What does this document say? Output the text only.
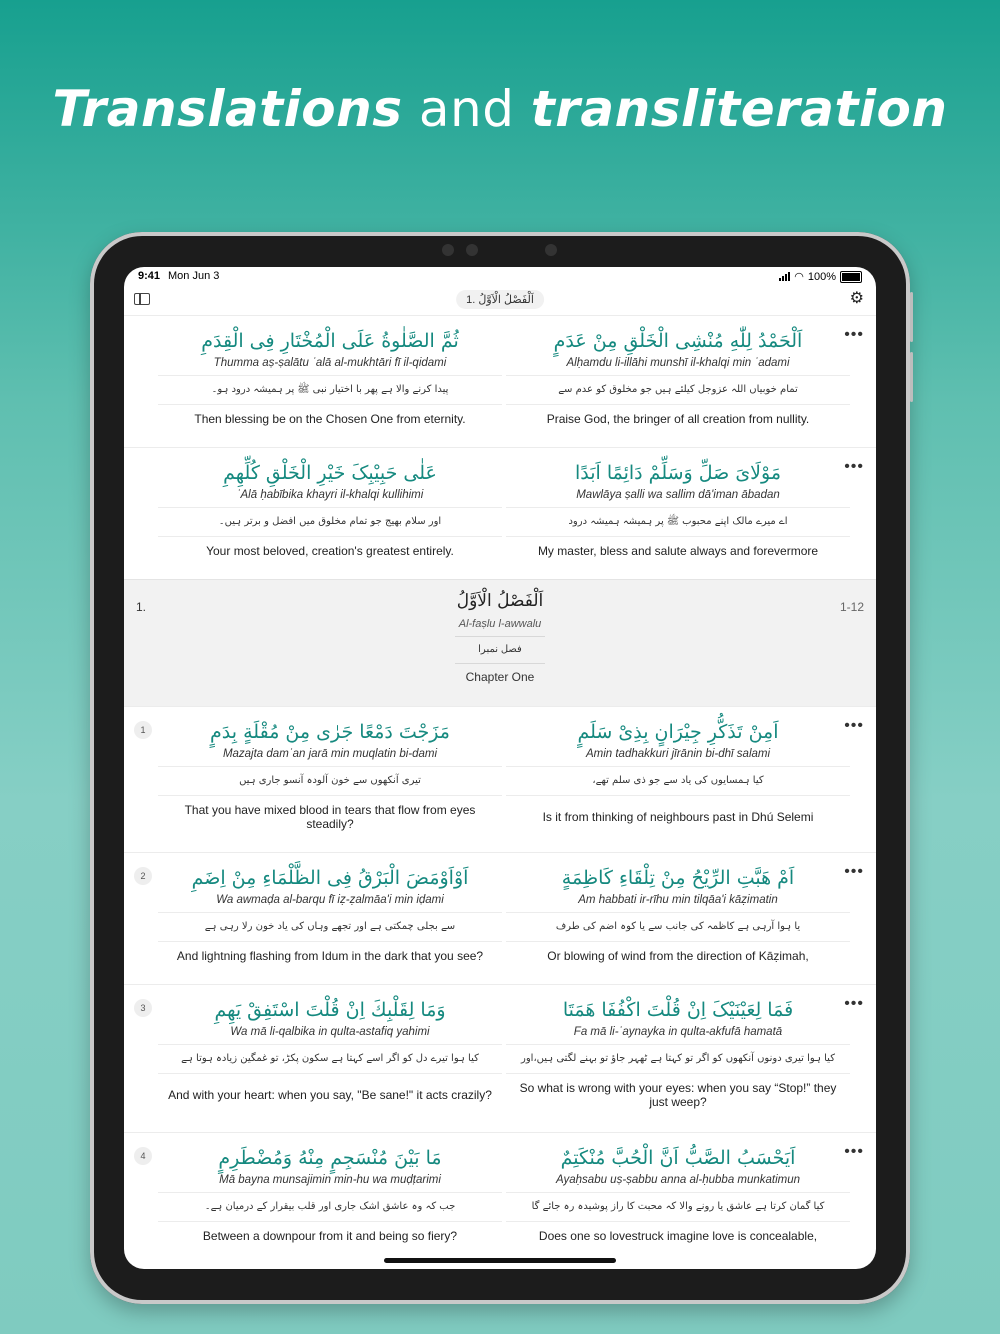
Translations and transliteration
9:41 Mon Jun 3	◠ 100%
1. اَلْفَصْلُ الْاَوَّلُ	⚙
•••
اَلْحَمْدُ لِلّٰهِ مُنْشِی الْخَلْقِ مِنْ عَدَمٍ
Alḥamdu li-illāhi munshī il-khalqi min ʿadami
تمام خوبیاں اللہ عزوجل کیلئے ہیں جو مخلوق کو عدم سے
Praise God, the bringer of all creation from nullity.
ثُمَّ الصَّلٰوةُ عَلَی الْمُخْتَارِ فِی الْقِدَمِ
Thumma aṣ-ṣalātu ʿalā al-mukhtāri fī il-qidami
پیدا کرنے والا ہے پھر با اختیار نبی ﷺ پر ہمیشہ درود ہو۔
Then blessing be on the Chosen One from eternity.
•••
مَوْلَایَ صَلِّ وَسَلِّمْ دَائِمًا اَبَدًا
Mawlāya ṣalli wa sallim dā'iman ābadan
اے میرے مالک اپنے محبوب ﷺ پر ہمیشہ ہمیشہ درود
My master, bless and salute always and forevermore
عَلٰی حَبِیْبِکَ خَیْرِ الْخَلْقِ کُلِّهِمِ
ʿAlā ḥabībika khayri il-khalqi kullihimi
اور سلام بھیج جو تمام مخلوق میں افضل و برتر ہیں۔
Your most beloved, creation's greatest entirely.
1.	1-12
اَلْفَصْلُ الْاَوَّلُ
Al-faṣlu l-awwalu
فصل نمبرا
Chapter One
1	•••
اَمِنْ تَذَکُّرِ جِیْرَانٍ بِذِیْ سَلَمٍ
Amin tadhakkuri jīrānin bi-dhī salami
کیا ہمسایوں کی یاد سے جو ذی سلم تھے،
Is it from thinking of neighbours past in Dhú Selemi
مَزَجْتَ دَمْعًا جَرٰی مِنْ مُقْلَةٍ بِدَمٍ
Mazajta damʿan jarā min muqlatin bi-dami
تیری آنکھوں سے خون آلودہ آنسو جاری ہیں
That you have mixed blood in tears that flow from eyes steadily?
2	•••
اَمْ هَبَّتِ الرِّیْحُ مِنْ تِلْقَاءِ کَاظِمَةٍ
Am habbati ir-rīhu min tilqāa'i kāẓimatin
یا ہوا آرہی ہے کاظمہ کی جانب سے یا کوہ اضم کی طرف
Or blowing of wind from the direction of Kāẓimah,
اَوْاَوْمَضَ الْبَرْقُ فِی الظَّلْمَاءِ مِنْ اِضَمِ
Wa awmaḍa al-barqu fī iẓ-ẓalmāa'i min iḍami
سے بجلی چمکتی ہے اور تجھے وہاں کی یاد خون رلا رہی ہے
And lightning flashing from Idum in the dark that you see?
3	•••
فَمَا لِعَیْنَیْکَ اِنْ قُلْتَ اکْفُفَا هَمَتَا
Fa mā li-ʿaynayka in qulta-akfufā hamatā
کیا ہوا تیری دونوں آنکھوں کو اگر تو کہتا ہے ٹھہر جاؤ تو بہنے لگتی ہیں،اور
So what is wrong with your eyes: when you say “Stop!” they just weep?
وَمَا لِقَلْبِكَ اِنْ قُلْتَ اسْتَفِقْ یَهِمِ
Wa mā li-qalbika in qulta-astafiq yahimi
کیا ہوا تیرے دل کو اگر اسے کہتا ہے سکون پکڑ، تو غمگین زیادہ ہوتا ہے
And with your heart: when you say, "Be sane!" it acts crazily?
4	•••
اَیَحْسَبُ الصَّبُّ اَنَّ الْحُبَّ مُنْکَتِمٌ
Ayaḥsabu uṣ-ṣabbu anna al-ḥubba munkatimun
کیا گمان کرتا ہے عاشق یا رونے والا کہ محبت کا راز پوشیدہ رہ جائے گا
Does one so lovestruck imagine love is concealable,
مَا بَیْنَ مُنْسَجِمٍ مِنْهُ وَمُضْطَرِمٍ
Mā bayna munsajimin min-hu wa muḍṭarimi
جب کہ وہ عاشق اشک جاری اور قلب بیقرار کے درمیان ہے۔
Between a downpour from it and being so fiery?
